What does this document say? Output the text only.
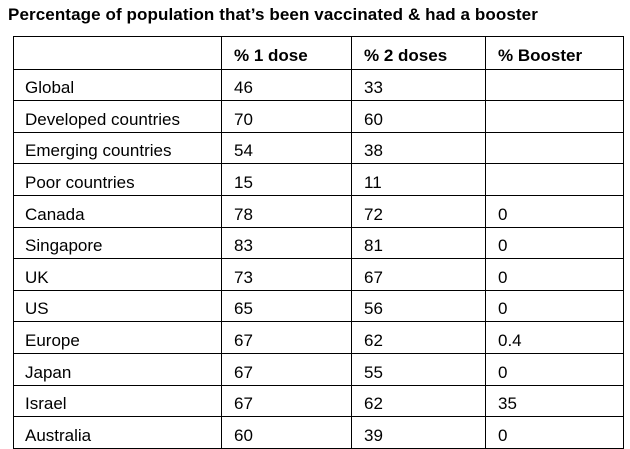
Percentage of population that’s been vaccinated & had a booster
	% 1 dose	% 2 doses	% Booster
Global	46	33	
Developed countries	70	60	
Emerging countries	54	38	
Poor countries	15	11	
Canada	78	72	0
Singapore	83	81	0
UK	73	67	0
US	65	56	0
Europe	67	62	0.4
Japan	67	55	0
Israel	67	62	35
Australia	60	39	0
